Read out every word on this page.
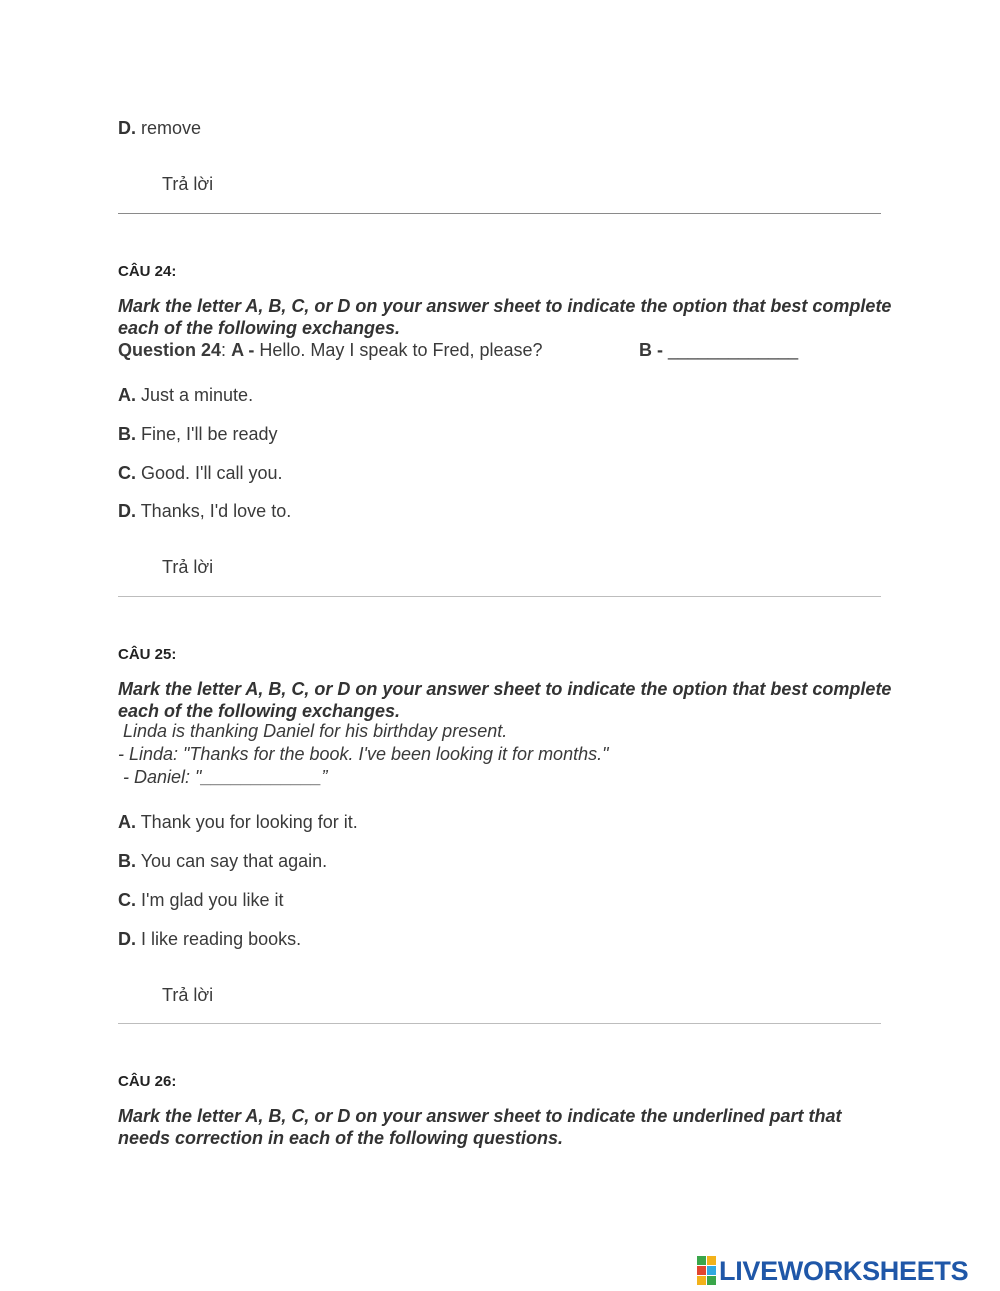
D. remove
Trả lời
CÂU 24:
Mark the letter A, B, C, or D on your answer sheet to indicate the option that best complete each of the following exchanges.
Question 24: A - Hello. May I speak to Fred, please?	B - _____________
A. Just a minute.
B. Fine, I'll be ready
C. Good. I'll call you.
D. Thanks, I'd love to.
Trả lời
CÂU 25:
Mark the letter A, B, C, or D on your answer sheet to indicate the option that best complete each of the following exchanges.
Linda is thanking Daniel for his birthday present.
- Linda: "Thanks for the book. I've been looking it for months."
- Daniel: "____________”
A. Thank you for looking for it.
B. You can say that again.
C. I'm glad you like it
D. I like reading books.
Trả lời
CÂU 26:
Mark the letter A, B, C, or D on your answer sheet to indicate the underlined part that needs correction in each of the following questions.
LIVEWORKSHEETS
